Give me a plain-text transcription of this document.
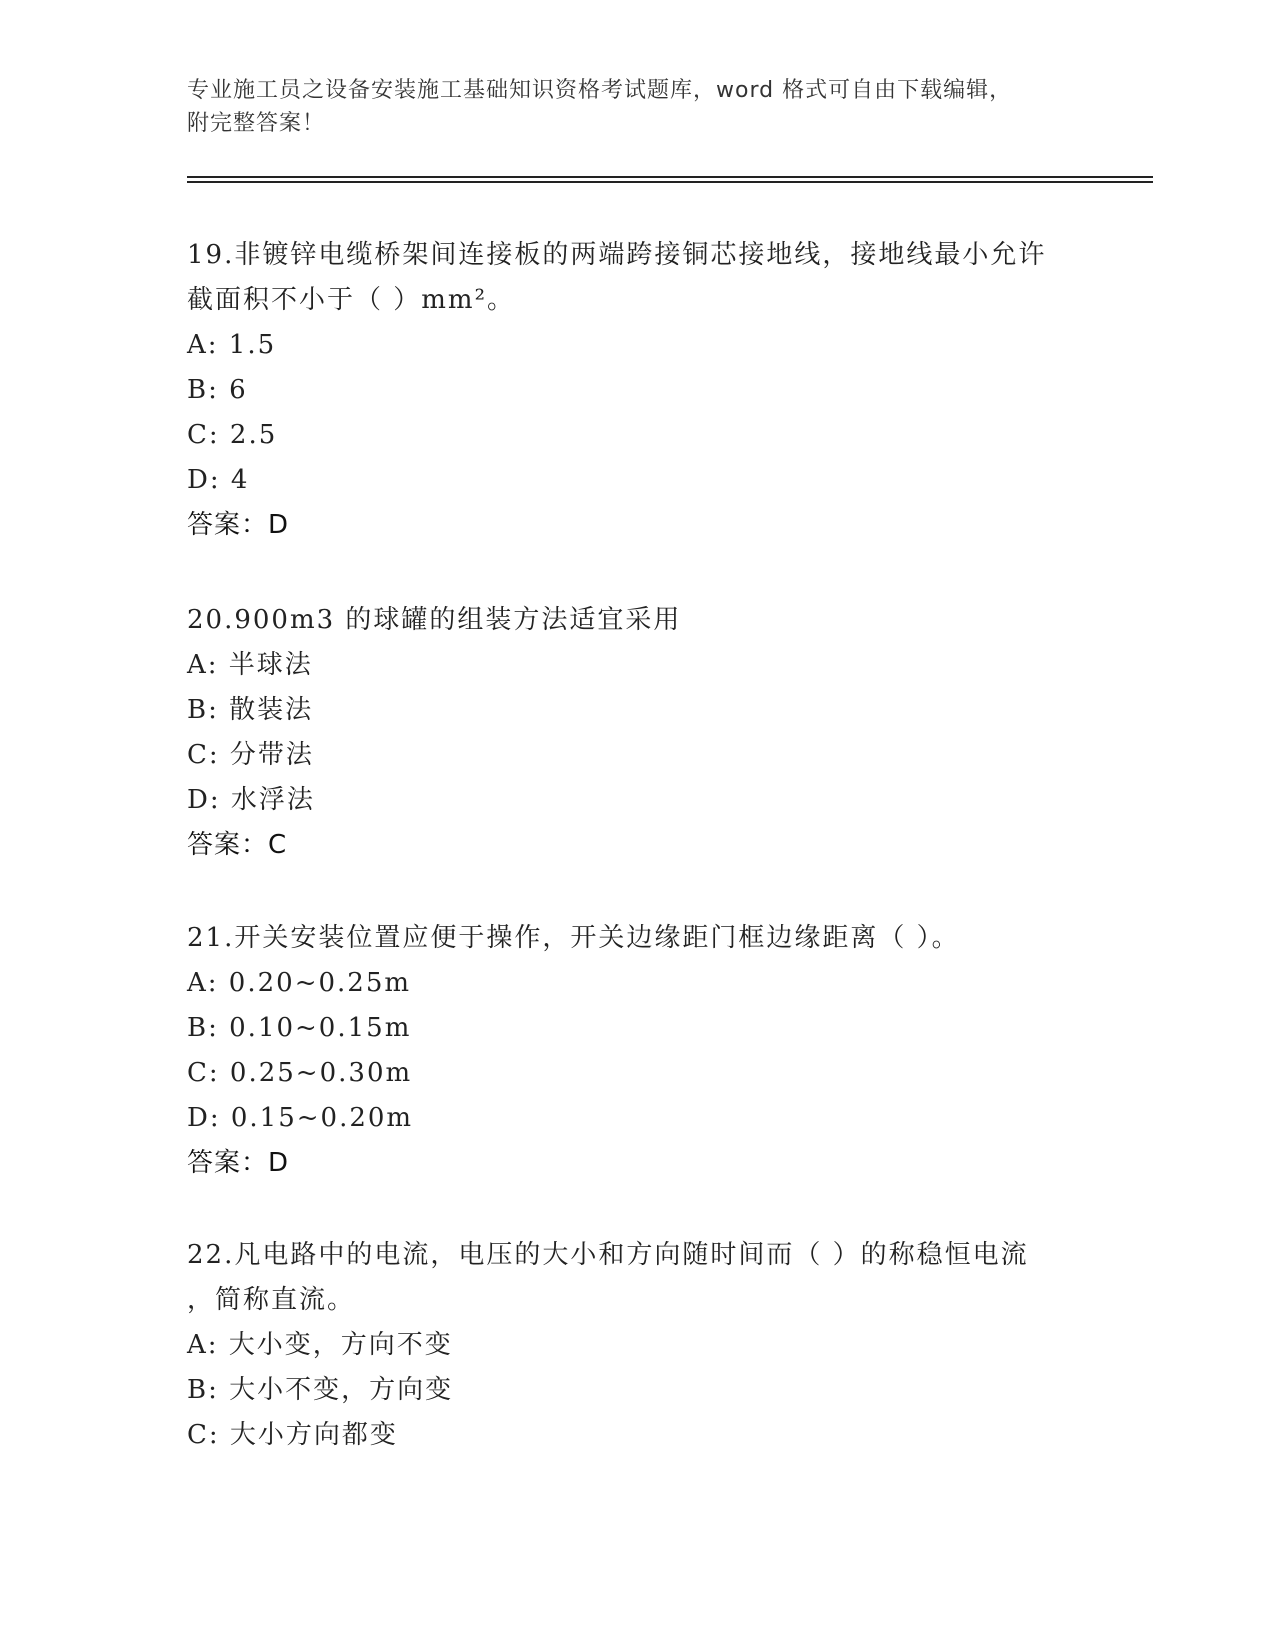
专业施工员之设备安装施工基础知识资格考试题库，word 格式可自由下载编辑，
附完整答案！
19.非镀锌电缆桥架间连接板的两端跨接铜芯接地线，接地线最小允许
截面积不小于（ ）mm²。
A: 1.5
B: 6
C: 2.5
D: 4
答案：D
20.900m3 的球罐的组装方法适宜采用
A: 半球法
B: 散装法
C: 分带法
D: 水浮法
答案：C
21.开关安装位置应便于操作，开关边缘距门框边缘距离（ ）。
A: 0.20~0.25m
B: 0.10~0.15m
C: 0.25~0.30m
D: 0.15~0.20m
答案：D
22.凡电路中的电流，电压的大小和方向随时间而（ ）的称稳恒电流
，简称直流。
A: 大小变，方向不变
B: 大小不变，方向变
C: 大小方向都变
